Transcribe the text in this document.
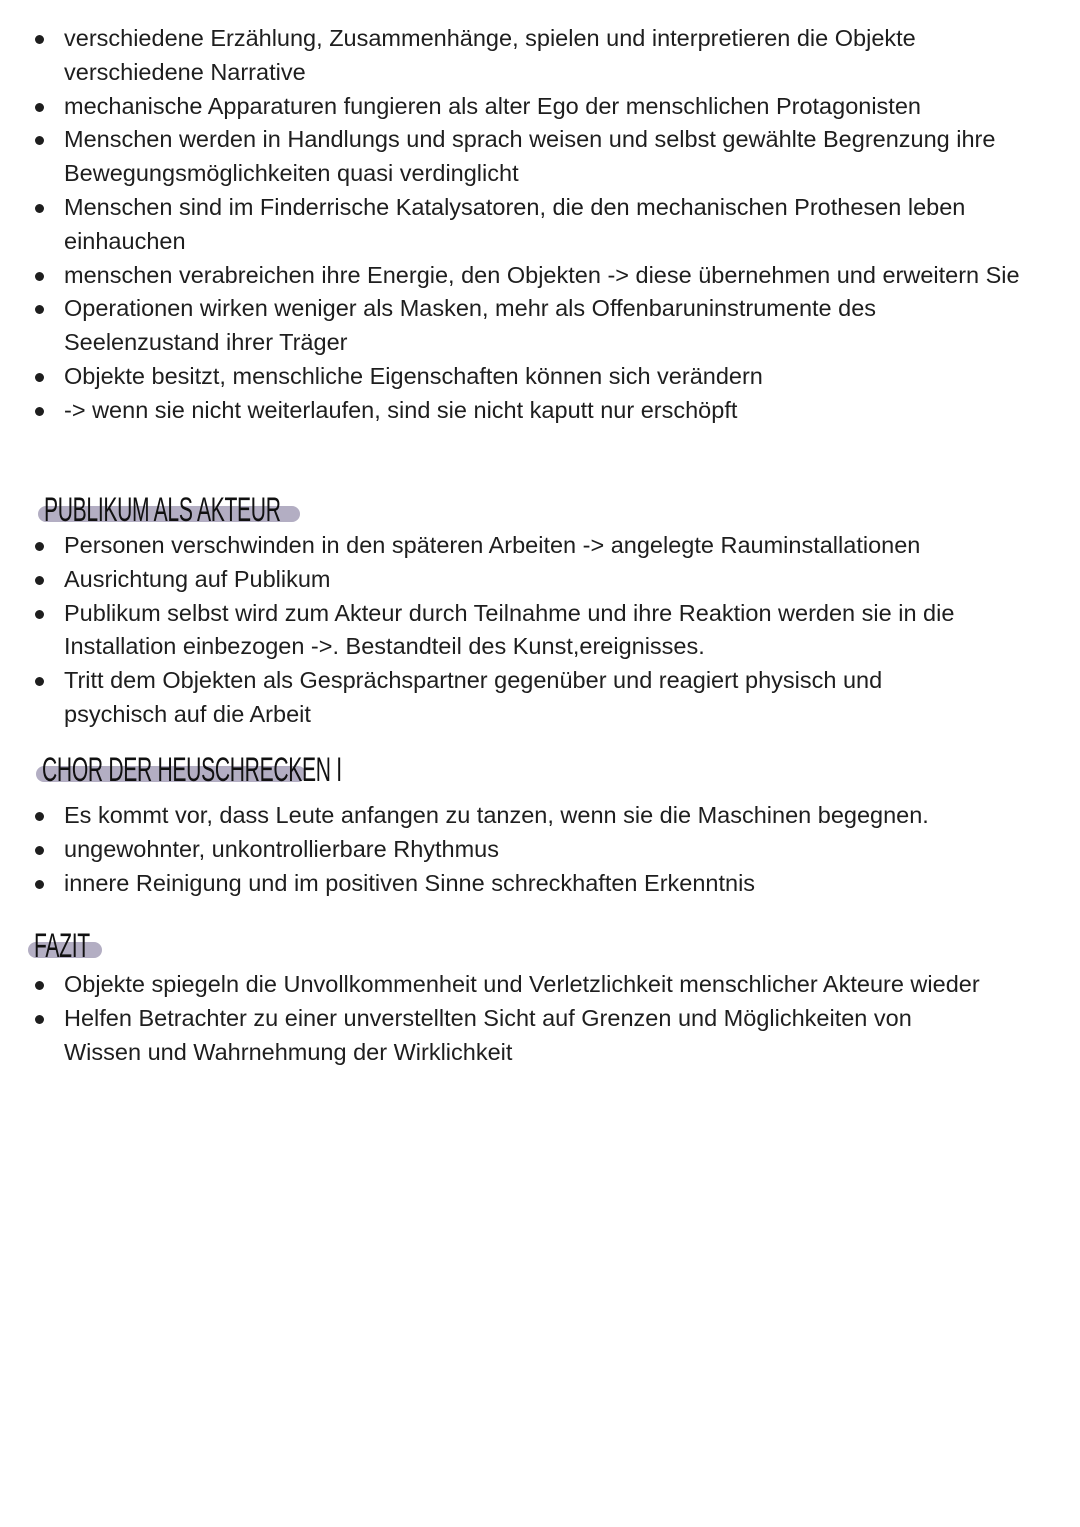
verschiedene Erzählung, Zusammenhänge, spielen und interpretieren die Objekte verschiedene Narrative
mechanische Apparaturen fungieren als alter Ego der menschlichen Protagonisten
Menschen werden in Handlungs und sprach weisen und selbst gewählte Begrenzung ihre Bewegungsmöglichkeiten quasi verdinglicht
Menschen sind im Finderrische Katalysatoren, die den mechanischen Prothesen leben einhauchen
menschen verabreichen ihre Energie, den Objekten -> diese übernehmen und erweitern Sie
Operationen wirken weniger als Masken, mehr als Offenbaruninstrumente des Seelenzustand ihrer Träger
Objekte besitzt, menschliche Eigenschaften können sich verändern
-> wenn sie nicht weiterlaufen, sind sie nicht kaputt nur erschöpft
PUBLIKUM ALS AKTEUR
Personen verschwinden in den späteren Arbeiten -> angelegte Rauminstallationen
Ausrichtung auf Publikum
Publikum selbst wird zum Akteur durch Teilnahme und ihre Reaktion werden sie in die Installation einbezogen ->. Bestandteil des Kunst,ereignisses.
Tritt dem Objekten als Gesprächspartner gegenüber und reagiert physisch und psychisch auf die Arbeit
CHOR DER HEUSCHRECKEN I
Es kommt vor, dass Leute anfangen zu tanzen, wenn sie die Maschinen begegnen.
ungewohnter, unkontrollierbare Rhythmus
innere Reinigung und im positiven Sinne schreckhaften Erkenntnis
FAZIT
Objekte spiegeln die Unvollkommenheit und Verletzlichkeit menschlicher Akteure wieder
Helfen Betrachter zu einer unverstellten Sicht auf Grenzen und Möglichkeiten von Wissen und Wahrnehmung der Wirklichkeit
